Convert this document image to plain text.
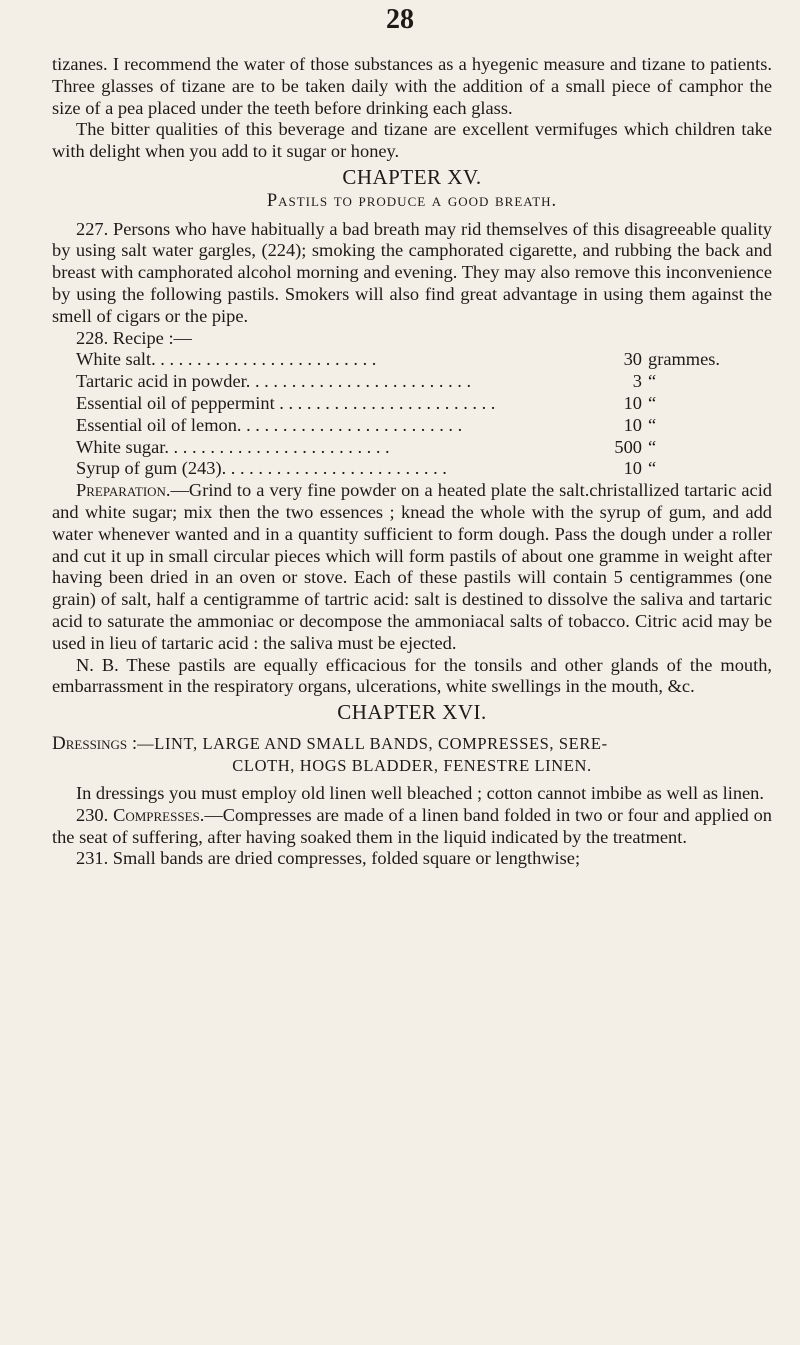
28

tizanes. I recommend the water of those substances as a hyegenic measure and tizane to patients. Three glasses of tizane are to be taken daily with the addition of a small piece of camphor the size of a pea placed under the teeth before drinking each glass.

The bitter qualities of this beverage and tizane are excellent vermifuges which children take with delight when you add to it sugar or honey.

CHAPTER XV.
Pastils to produce a good breath.

227. Persons who have habitually a bad breath may rid themselves of this disagreeable quality by using salt water gargles, (224); smoking the camphorated cigarette, and rubbing the back and breast with camphorated alcohol morning and evening. They may also remove this inconvenience by using the following pastils. Smokers will also find great advantage in using them against the smell of cigars or the pipe.

228. Recipe :—

White salt. . .	30 grammes.
Tartaric acid in powder. . .	3 “
Essential oil of peppermint . .	10 “
Essential oil of lemon. . .	10 “
White sugar. . .	500 “
Syrup of gum (243). . .	10 “

Preparation.—Grind to a very fine powder on a heated plate the salt.christallized tartaric acid and white sugar; mix then the two essences ; knead the whole with the syrup of gum, and add water whenever wanted and in a quantity sufficient to form dough. Pass the dough under a roller and cut it up in small circular pieces which will form pastils of about one gramme in weight after having been dried in an oven or stove. Each of these pastils will contain 5 centigrammes (one grain) of salt, half a centigramme of tartric acid: salt is destined to dissolve the saliva and tartaric acid to saturate the ammoniac or decompose the ammoniacal salts of tobacco. Citric acid may be used in lieu of tartaric acid : the saliva must be ejected.

N. B. These pastils are equally efficacious for the tonsils and other glands of the mouth, embarrassment in the respiratory organs, ulcerations, white swellings in the mouth, &c.

CHAPTER XVI.
Dressings :—LINT, LARGE AND SMALL BANDS, COMPRESSES, SERE-
CLOTH, HOGS BLADDER, FENESTRE LINEN.

In dressings you must employ old linen well bleached ; cotton cannot imbibe as well as linen.

230. Compresses.—Compresses are made of a linen band folded in two or four and applied on the seat of suffering, after having soaked them in the liquid indicated by the treatment.

231. Small bands are dried compresses, folded square or lengthwise;
